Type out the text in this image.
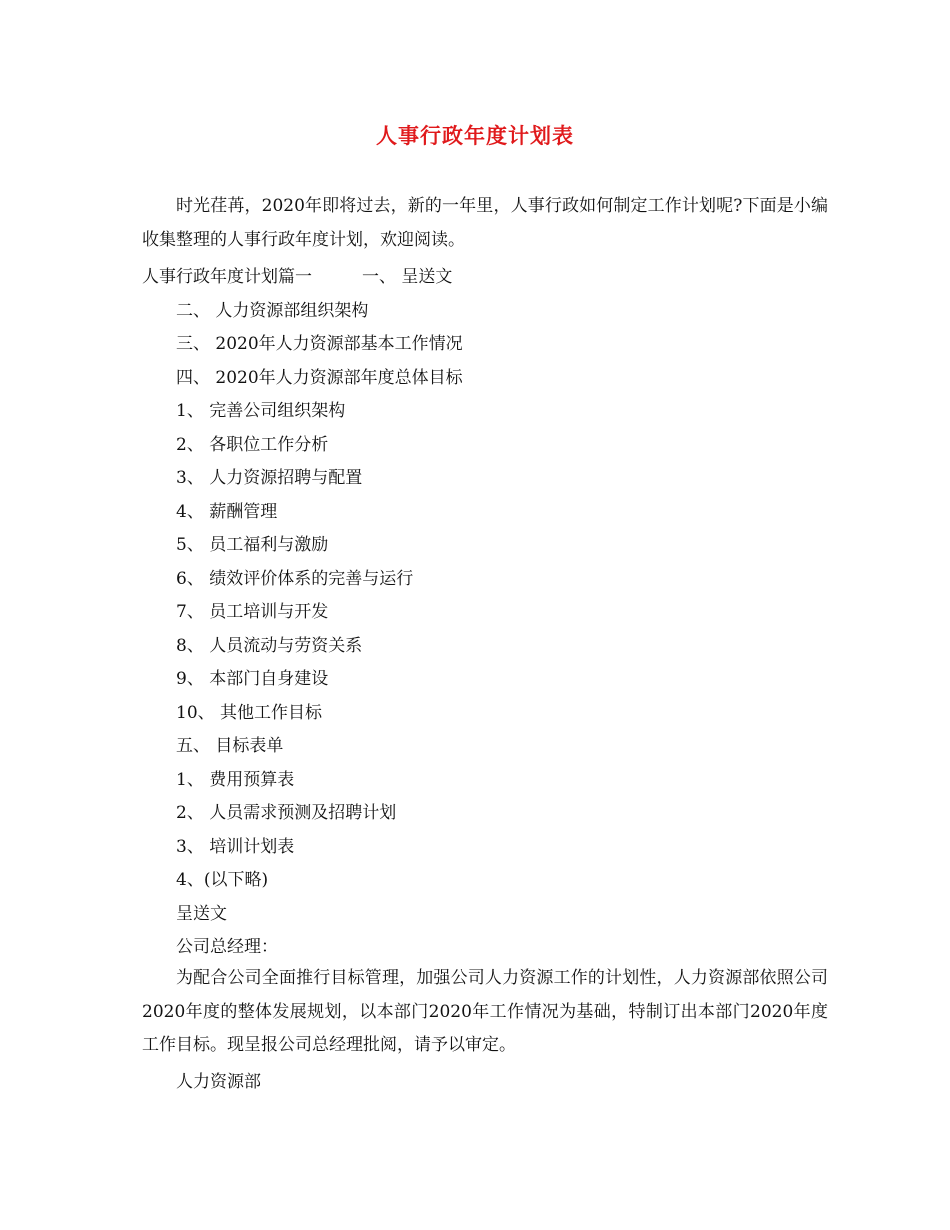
人事行政年度计划表
时光荏苒，2020年即将过去，新的一年里，人事行政如何制定工作计划呢?下面是小编收集整理的人事行政年度计划，欢迎阅读。
人事行政年度计划篇一	一、 呈送文
二、 人力资源部组织架构
三、 2020年人力资源部基本工作情况
四、 2020年人力资源部年度总体目标
1、 完善公司组织架构
2、 各职位工作分析
3、 人力资源招聘与配置
4、 薪酬管理
5、 员工福利与激励
6、 绩效评价体系的完善与运行
7、 员工培训与开发
8、 人员流动与劳资关系
9、 本部门自身建设
10、 其他工作目标
五、 目标表单
1、 费用预算表
2、 人员需求预测及招聘计划
3、 培训计划表
4、(以下略)
呈送文
公司总经理：
为配合公司全面推行目标管理，加强公司人力资源工作的计划性，人力资源部依照公司2020年度的整体发展规划，以本部门2020年工作情况为基础，特制订出本部门2020年度工作目标。现呈报公司总经理批阅，请予以审定。
人力资源部
